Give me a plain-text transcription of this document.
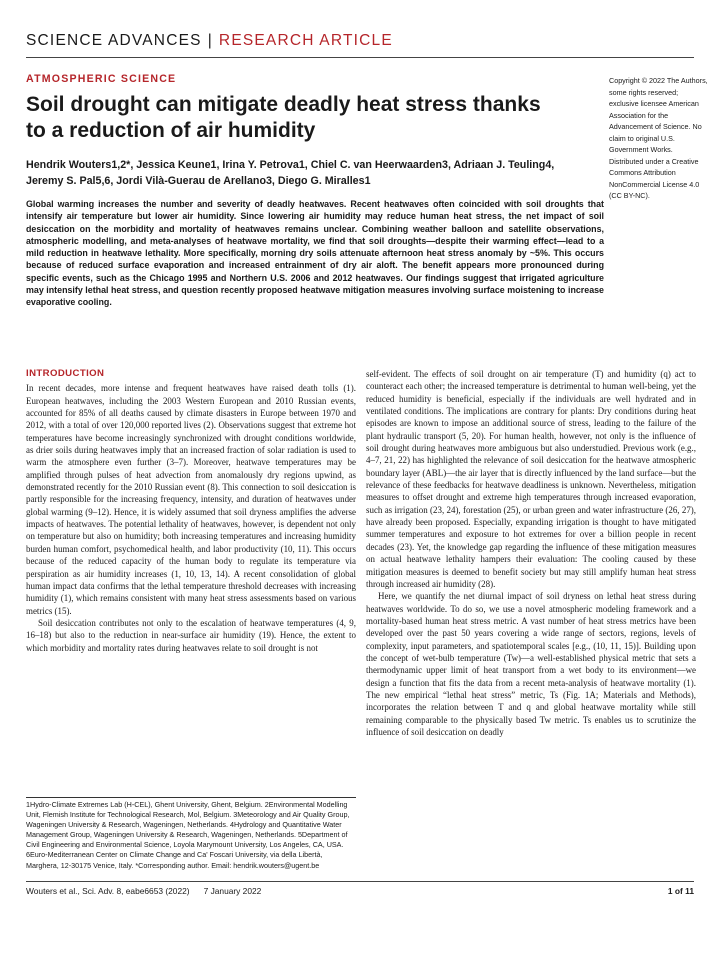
SCIENCE ADVANCES | RESEARCH ARTICLE
ATMOSPHERIC SCIENCE
Soil drought can mitigate deadly heat stress thanks to a reduction of air humidity
Hendrik Wouters1,2*, Jessica Keune1, Irina Y. Petrova1, Chiel C. van Heerwaarden3, Adriaan J. Teuling4, Jeremy S. Pal5,6, Jordi Vilà-Guerau de Arellano3, Diego G. Miralles1
Global warming increases the number and severity of deadly heatwaves. Recent heatwaves often coincided with soil droughts that intensify air temperature but lower air humidity. Since lowering air humidity may reduce human heat stress, the net impact of soil desiccation on the morbidity and mortality of heatwaves remains unclear. Combining weather balloon and satellite observations, atmospheric modelling, and meta-analyses of heatwave mortality, we find that soil droughts—despite their warming effect—lead to a mild reduction in heatwave lethality. More specifically, morning dry soils attenuate afternoon heat stress anomaly by ~5%. This occurs because of reduced surface evaporation and increased entrainment of dry air aloft. The benefit appears more pronounced during specific events, such as the Chicago 1995 and Northern U.S. 2006 and 2012 heatwaves. Our findings suggest that irrigated agriculture may intensify lethal heat stress, and question recently proposed heatwave mitigation measures involving surface moistening to increase evaporative cooling.
Copyright © 2022 The Authors, some rights reserved; exclusive licensee American Association for the Advancement of Science. No claim to original U.S. Government Works. Distributed under a Creative Commons Attribution NonCommercial License 4.0 (CC BY-NC).
INTRODUCTION

In recent decades, more intense and frequent heatwaves have raised death tolls (1). European heatwaves, including the 2003 Western European and 2010 Russian events, accounted for 85% of all deaths caused by climate disasters in Europe between 1970 and 2012, with a total of over 120,000 reported lives (2). Observations suggest that extreme hot temperatures have become increasingly synchronized with drought conditions worldwide, as drier soils during heatwaves imply that an increased fraction of solar radiation is used to warm the atmosphere even further (3–7). Moreover, heatwave temperatures may be amplified through pulses of heat advection from anomalously dry regions upwind, as demonstrated recently for the 2010 Russian event (8). This connection to soil desiccation is partly responsible for the increasing frequency, intensity, and duration of heatwaves under global warming (9–12). Hence, it is widely assumed that soil dryness amplifies the adverse impacts of heatwaves. The potential lethality of heatwaves, however, is dependent not only on temperature but also on humidity; both increasing temperatures and increasing humidity burden human comfort, psychomedical health, and labor productivity (10, 11). This occurs because of the reduced capacity of the human body to regulate its temperature via perspiration as air humidity increases (1, 10, 13, 14). A recent consolidation of global human impact data confirms that the lethal temperature threshold decreases with increasing humidity (1), which remains consistent with many heat stress assessments based on various metrics (15).

Soil desiccation contributes not only to the escalation of heatwave temperatures (4, 9, 16–18) but also to the reduction in near-surface air humidity (19). Hence, the extent to which morbidity and mortality rates during heatwaves relate to soil drought is not

self-evident. The effects of soil drought on air temperature (T) and humidity (q) act to counteract each other; the increased temperature is detrimental to human well-being, yet the reduced humidity is beneficial, especially if the individuals are well hydrated and in ventilated conditions. The implications are contrary for plants: Dry conditions during heat episodes are known to impose an additional source of stress, leading to the failure of the plant hydraulic transport (5, 20). For human health, however, not only is the influence of soil drought during heatwaves more ambiguous but also understudied. Previous work (e.g., 4–7, 21, 22) has highlighted the relevance of soil desiccation for the heatwave atmospheric boundary layer (ABL)—the air layer that is directly influenced by the land surface—but the relevance of these feedbacks for heatwave deadliness is unknown. Nevertheless, mitigation measures to offset drought and extreme high temperatures through increased evaporation, such as irrigation (23, 24), forestation (25), or urban green and water infrastructure (26, 27), have already been proposed. Especially, expanding irrigation is thought to have mitigated summer temperatures and exposure to hot extremes for over a billion people in recent decades (23). Yet, the knowledge gap regarding the influence of these mitigation measures on actual heatwave lethality hampers their evaluation: The cooling caused by these mitigation measures is deemed to benefit society but may still amplify human heat stress through increased air humidity (28).

Here, we quantify the net diurnal impact of soil dryness on lethal heat stress during heatwaves worldwide. To do so, we use a novel atmospheric modeling framework and a mortality-based human heat stress metric. A vast number of heat stress metrics have been developed over the past 50 years covering a wide range of sectors, regions, levels of complexity, input parameters, and spatiotemporal scales [e.g., (10, 11, 15)]. Building upon the concept of wet-bulb temperature (Tw)—a well-established physical metric that sets a thermodynamic upper limit of heat transport from a wet body to its environment—we design a function that fits the data from a recent meta-analysis of heatwave mortality (1). The new empirical “lethal heat stress” metric, Ts (Fig. 1A; Materials and Methods), incorporates the relation between T and q and global heatwave mortality while still remaining comparable to the physically based Tw metric. Ts enables us to scrutinize the influence of soil desiccation on deadly

1Hydro-Climate Extremes Lab (H-CEL), Ghent University, Ghent, Belgium. 2Environmental Modelling Unit, Flemish Institute for Technological Research, Mol, Belgium. 3Meteorology and Air Quality Group, Wageningen University & Research, Wageningen, Netherlands. 4Hydrology and Quantitative Water Management Group, Wageningen University & Research, Wageningen, Netherlands. 5Department of Civil Engineering and Environmental Science, Loyola Marymount University, Los Angeles, CA, USA. 6Euro-Mediterranean Center on Climate Change and Ca' Foscari University, via della Libertà, Marghera, 12-30175 Venice, Italy. *Corresponding author. Email: hendrik.wouters@ugent.be
Wouters et al., Sci. Adv. 8, eabe6653 (2022) 7 January 2022	1 of 11
